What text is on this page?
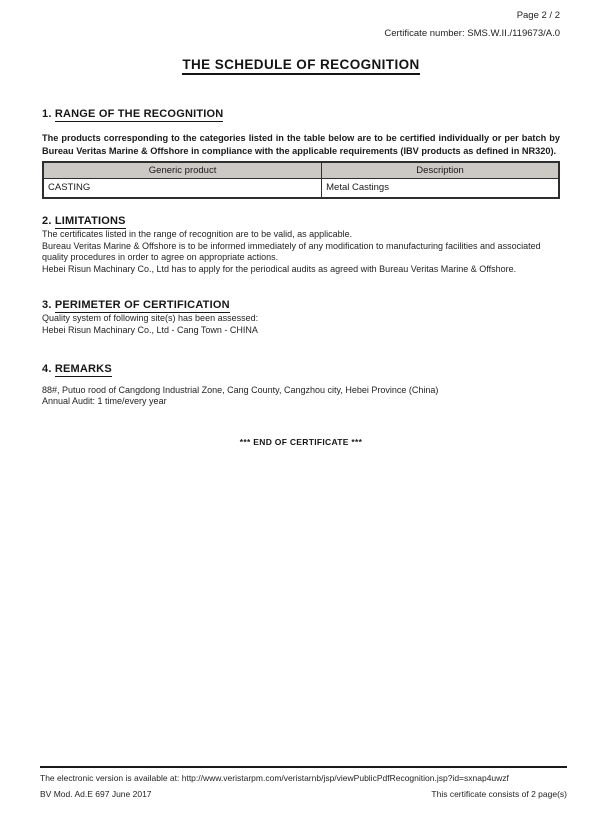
Page 2 / 2
Certificate number: SMS.W.II./119673/A.0
THE SCHEDULE OF RECOGNITION
1. RANGE OF THE RECOGNITION

The products corresponding to the categories listed in the table below are to be certified individually or per batch by Bureau Veritas Marine & Offshore in compliance with the applicable requirements (IBV products as defined in NR320).

Generic product	Description
CASTING	Metal Castings
2. LIMITATIONS

The certificates listed in the range of recognition are to be valid, as applicable.

Bureau Veritas Marine & Offshore is to be informed immediately of any modification to manufacturing facilities and associated quality procedures in order to agree on appropriate actions.

Hebei Risun Machinary Co., Ltd has to apply for the periodical audits as agreed with Bureau Veritas Marine & Offshore.

3. PERIMETER OF CERTIFICATION

Quality system of following site(s) has been assessed:

Hebei Risun Machinary Co., Ltd - Cang Town - CHINA

4. REMARKS

88#, Putuo rood of Cangdong Industrial Zone, Cang County, Cangzhou city, Hebei Province (China)

Annual Audit: 1 time/every year

*** END OF CERTIFICATE ***
The electronic version is available at: http://www.veristarpm.com/veristarnb/jsp/viewPublicPdfRecognition.jsp?id=sxnap4uwzf
BV Mod. Ad.E 697 June 2017	This certificate consists of 2 page(s)
